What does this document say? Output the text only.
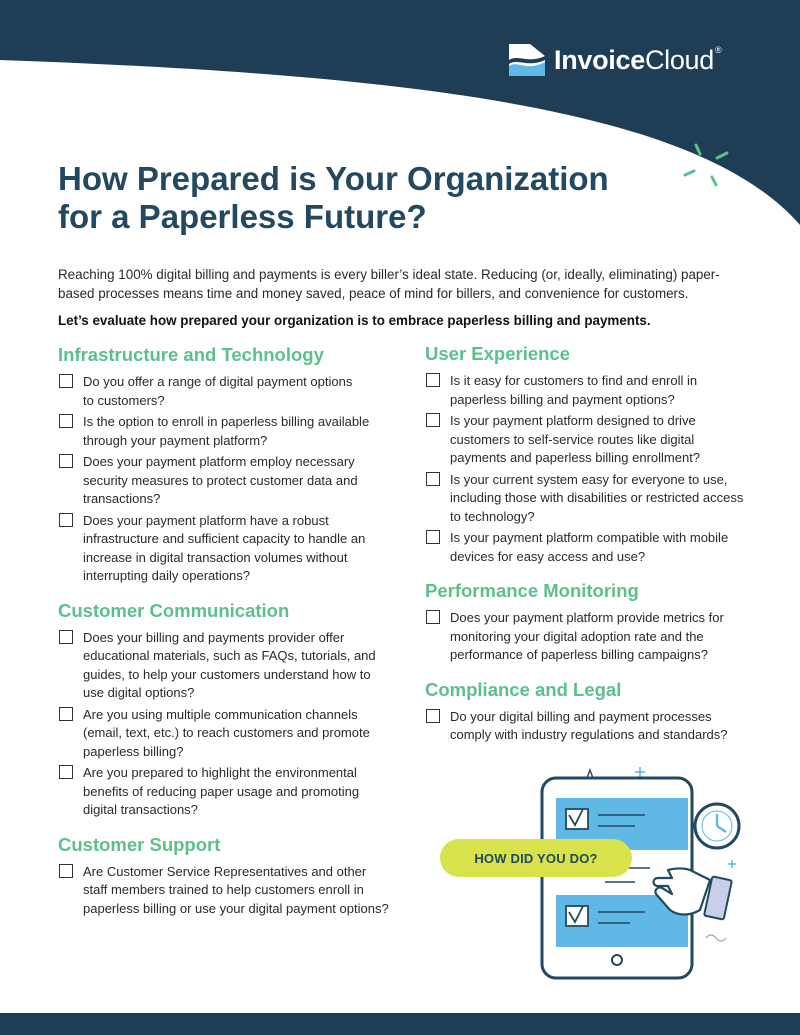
InvoiceCloud®
How Prepared is Your Organization
for a Paperless Future?

Reaching 100% digital billing and payments is every biller’s ideal state. Reducing (or, ideally, eliminating) paper-based processes means time and money saved, peace of mind for billers, and convenience for customers.

Let’s evaluate how prepared your organization is to embrace paperless billing and payments.

Infrastructure and Technology
Do you offer a range of digital payment options to customers?
Is the option to enroll in paperless billing available through your payment platform?
Does your payment platform employ necessary security measures to protect customer data and transactions?
Does your payment platform have a robust infrastructure and sufficient capacity to handle an increase in digital transaction volumes without interrupting daily operations?
Customer Communication
Does your billing and payments provider offer educational materials, such as FAQs, tutorials, and guides, to help your customers understand how to use digital options?
Are you using multiple communication channels (email, text, etc.) to reach customers and promote paperless billing?
Are you prepared to highlight the environmental benefits of reducing paper usage and promoting digital transactions?
Customer Support
Are Customer Service Representatives and other staff members trained to help customers enroll in paperless billing or use your digital payment options?
User Experience
Is it easy for customers to find and enroll in paperless billing and payment options?
Is your payment platform designed to drive customers to self-service routes like digital payments and paperless billing enrollment?
Is your current system easy for everyone to use, including those with disabilities or restricted access to technology?
Is your payment platform compatible with mobile devices for easy access and use?
Performance Monitoring
Does your payment platform provide metrics for monitoring your digital adoption rate and the performance of paperless billing campaigns?
Compliance and Legal
Do your digital billing and payment processes comply with industry regulations and standards?
HOW DID YOU DO?
